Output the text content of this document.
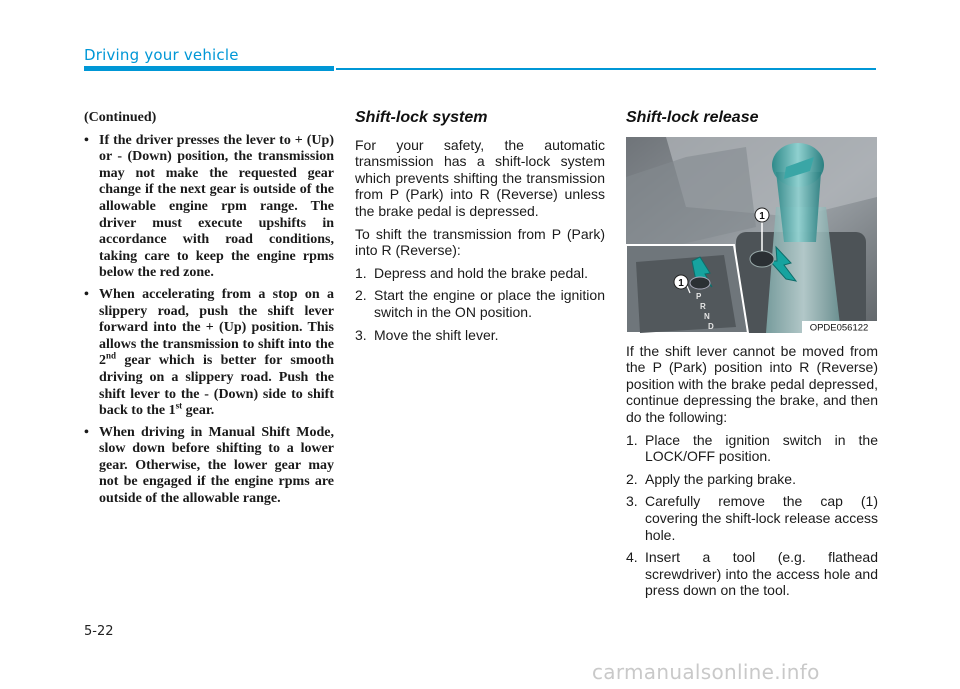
Driving your vehicle

(Continued)

• If the driver presses the lever to + (Up) or - (Down) position, the transmission may not make the requested gear change if the next gear is outside of the allowable engine rpm range. The driver must execute upshifts in accordance with road conditions, taking care to keep the engine rpms below the red zone.
• When accelerating from a stop on a slippery road, push the shift lever forward into the + (Up) position. This allows the transmission to shift into the 2nd gear which is better for smooth driving on a slippery road. Push the shift lever to the - (Down) side to shift back to the 1st gear.
• When driving in Manual Shift Mode, slow down before shifting to a lower gear. Otherwise, the lower gear may not be engaged if the engine rpms are outside of the allowable range.
Shift-lock system

For your safety, the automatic transmission has a shift-lock system which prevents shifting the transmission from P (Park) into R (Reverse) unless the brake pedal is depressed.

To shift the transmission from P (Park) into R (Reverse):

1. Depress and hold the brake pedal.
2. Start the engine or place the ignition switch in the ON position.
3. Move the shift lever.
Shift-lock release
1
1
P
R
N
D	OPDE056122

If the shift lever cannot be moved from the P (Park) position into R (Reverse) position with the brake pedal depressed, continue depressing the brake, and then do the following:

1. Place the ignition switch in the LOCK/OFF position.
2. Apply the parking brake.
3. Carefully remove the cap (1) covering the shift-lock release access hole.
4. Insert a tool (e.g. flathead screwdriver) into the access hole and press down on the tool.
5-22
carmanualsonline.info
